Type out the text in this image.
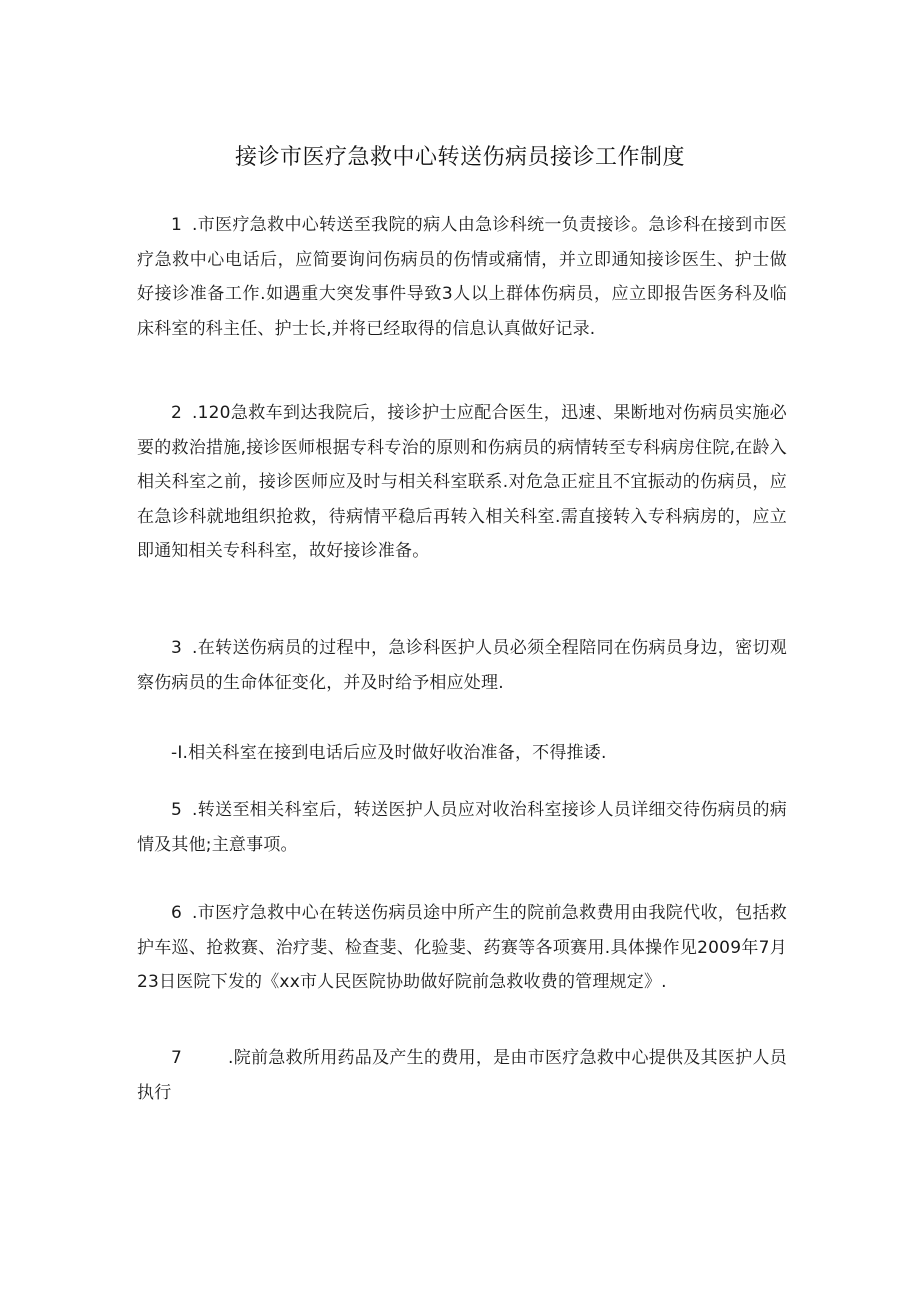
接诊市医疗急救中心转送伤病员接诊工作制度

1 .市医疗急救中心转送至我院的病人由急诊科统一负责接诊。急诊科在接到市医疗急救中心电话后，应简要询问伤病员的伤情或痛情，并立即通知接诊医生、护士做好接诊准备工作.如遇重大突发事件导致3人以上群体伤病员，应立即报告医务科及临床科室的科主任、护士长,并将已经取得的信息认真做好记录.

2 .120急救车到达我院后，接诊护士应配合医生，迅速、果断地对伤病员实施必要的救治措施,接诊医师根据专科专治的原则和伤病员的病情转至专科病房住院,在龄入相关科室之前，接诊医师应及时与相关科室联系.对危急正症且不宜振动的伤病员，应在急诊科就地组织抢救，待病情平稳后再转入相关科室.需直接转入专科病房的，应立即通知相关专科科室，故好接诊准备。

3 .在转送伤病员的过程中，急诊科医护人员必须全程陪同在伤病员身边，密切观察伤病员的生命体征变化，并及时给予相应处理.

-I.相关科室在接到电话后应及时做好收治准备，不得推诿.

5 .转送至相关科室后，转送医护人员应对收治科室接诊人员详细交待伤病员的病情及其他;主意事项。

6 .市医疗急救中心在转送伤病员途中所产生的院前急救费用由我院代收，包括救护车巡、抢救赛、治疗斐、检查斐、化验斐、药赛等各项赛用.具体操作见2009年7月23日医院下发的《xx市人民医院协助做好院前急救收费的管理规定》.

7	.院前急救所用药品及产生的费用，是由市医疗急救中心提供及其医护人员执行
